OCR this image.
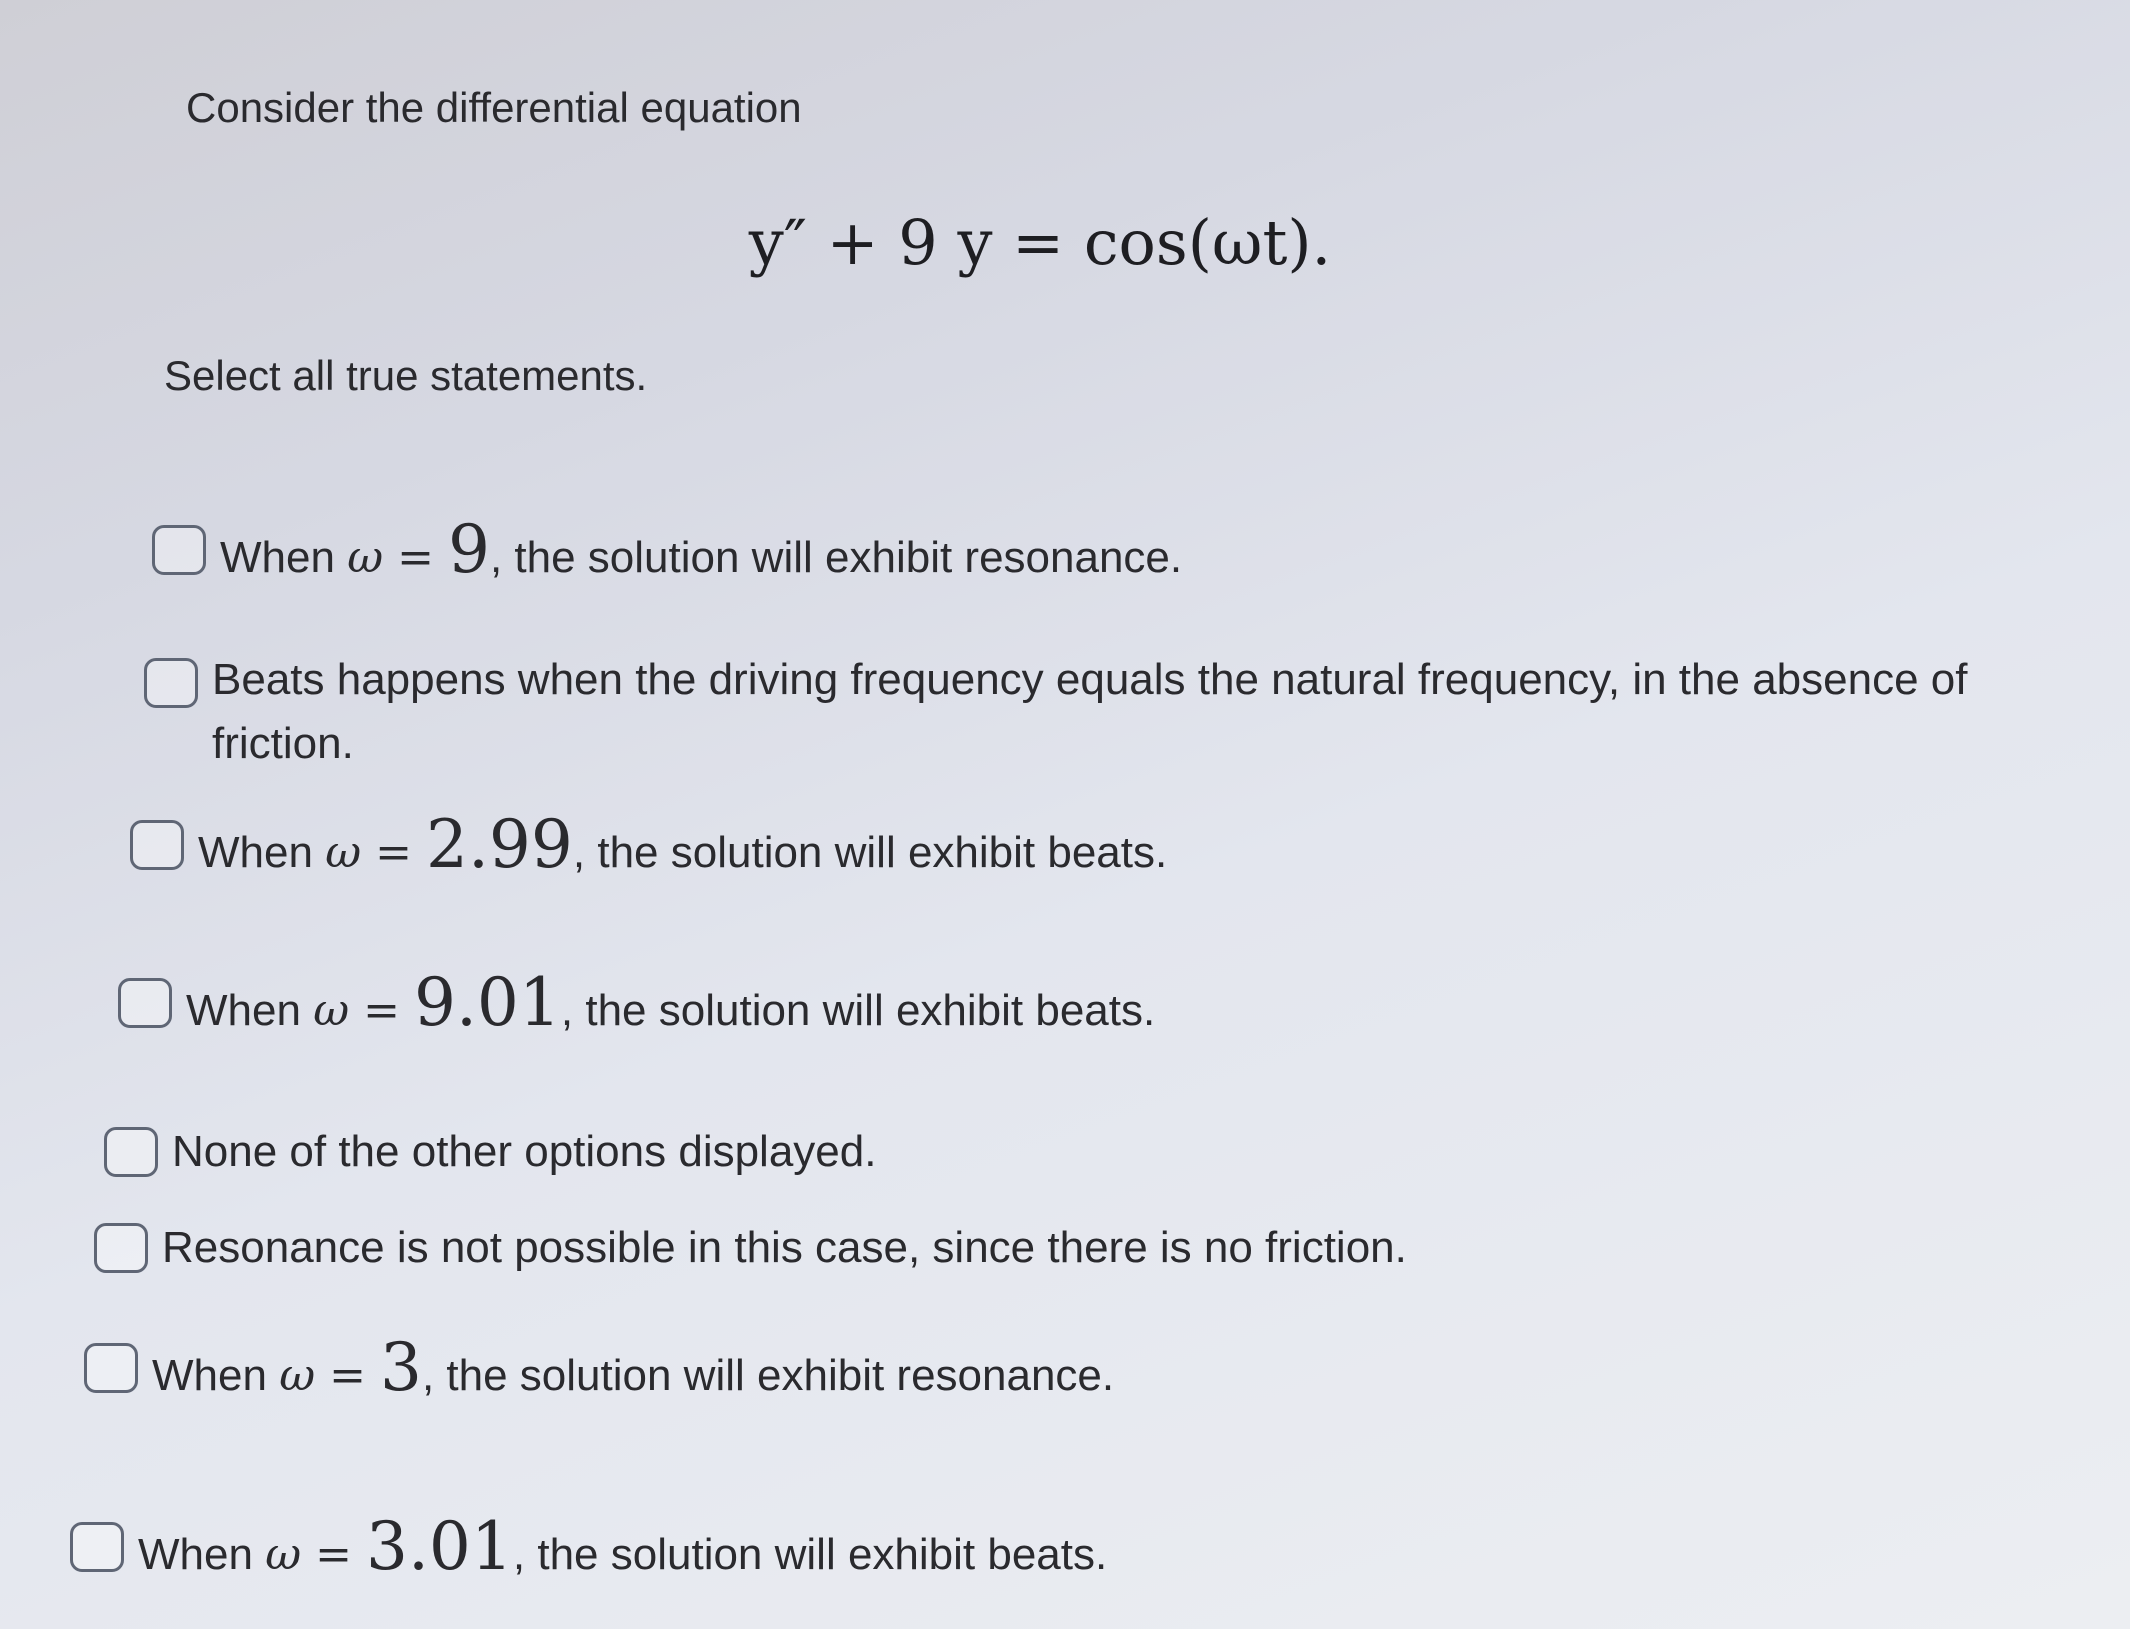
Consider the differential equation
y″ + 9 y = cos(ωt).
Select all true statements.
When ω = 9, the solution will exhibit resonance.
Beats happens when the driving frequency equals the natural frequency, in the absence of friction.
When ω = 2.99, the solution will exhibit beats.
When ω = 9.01, the solution will exhibit beats.
None of the other options displayed.
Resonance is not possible in this case, since there is no friction.
When ω = 3, the solution will exhibit resonance.
When ω = 3.01, the solution will exhibit beats.
